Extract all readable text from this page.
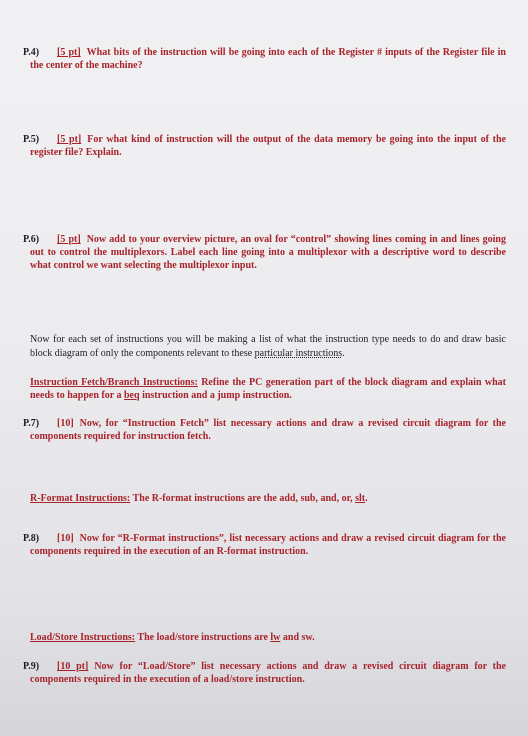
P.4) [5 pt] What bits of the instruction will be going into each of the Register # inputs of the Register file in the center of the machine?
P.5) [5 pt] For what kind of instruction will the output of the data memory be going into the input of the register file? Explain.
P.6) [5 pt] Now add to your overview picture, an oval for “control” showing lines coming in and lines going out to control the multiplexors. Label each line going into a multiplexor with a descriptive word to describe what control we want selecting the multiplexor input.
Now for each set of instructions you will be making a list of what the instruction type needs to do and draw basic block diagram of only the components relevant to these particular instructions.
Instruction Fetch/Branch Instructions: Refine the PC generation part of the block diagram and explain what needs to happen for a beq instruction and a jump instruction.
P.7) [10] Now, for “Instruction Fetch” list necessary actions and draw a revised circuit diagram for the components required for instruction fetch.
R-Format Instructions: The R-format instructions are the add, sub, and, or, slt.
P.8) [10] Now for “R-Format instructions”, list necessary actions and draw a revised circuit diagram for the components required in the execution of an R-format instruction.
Load/Store Instructions: The load/store instructions are lw and sw.
P.9) [10 pt] Now for “Load/Store” list necessary actions and draw a revised circuit diagram for the components required in the execution of a load/store instruction.
